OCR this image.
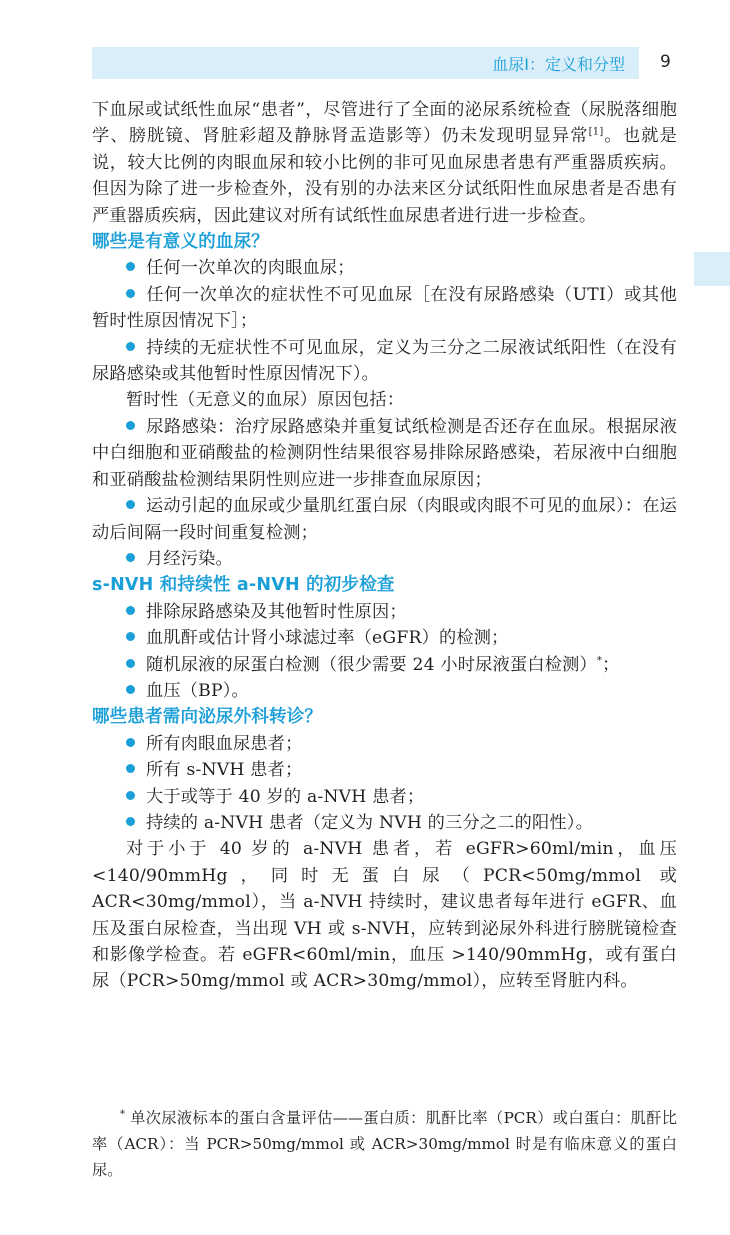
血尿Ⅰ：定义和分型 9

下血尿或试纸性血尿“患者”，尽管进行了全面的泌尿系统检查（尿脱落细胞学、膀胱镜、肾脏彩超及静脉肾盂造影等）仍未发现明显异常[1]。也就是说，较大比例的肉眼血尿和较小比例的非可见血尿患者患有严重器质疾病。但因为除了进一步检查外，没有别的办法来区分试纸阳性血尿患者是否患有严重器质疾病，因此建议对所有试纸性血尿患者进行进一步检查。

哪些是有意义的血尿？

任何一次单次的肉眼血尿；

任何一次单次的症状性不可见血尿［在没有尿路感染（UTI）或其他暂时性原因情况下］；

持续的无症状性不可见血尿，定义为三分之二尿液试纸阳性（在没有尿路感染或其他暂时性原因情况下）。

暂时性（无意义的血尿）原因包括：

尿路感染：治疗尿路感染并重复试纸检测是否还存在血尿。根据尿液中白细胞和亚硝酸盐的检测阴性结果很容易排除尿路感染，若尿液中白细胞和亚硝酸盐检测结果阴性则应进一步排查血尿原因；

运动引起的血尿或少量肌红蛋白尿（肉眼或肉眼不可见的血尿）：在运动后间隔一段时间重复检测；

月经污染。

s-NVH 和持续性 a-NVH 的初步检查

排除尿路感染及其他暂时性原因；

血肌酐或估计肾小球滤过率（eGFR）的检测；

随机尿液的尿蛋白检测（很少需要 24 小时尿液蛋白检测）*；

血压（BP）。

哪些患者需向泌尿外科转诊？

所有肉眼血尿患者；

所有 s-NVH 患者；

大于或等于 40 岁的 a-NVH 患者；

持续的 a-NVH 患者（定义为 NVH 的三分之二的阳性）。

对于小于 40 岁的 a-NVH 患者，若 eGFR>60ml/min，血压 <140/90mmHg，同时无蛋白尿（PCR<50mg/mmol 或 ACR<30mg/mmol），当 a-NVH 持续时，建议患者每年进行 eGFR、血压及蛋白尿检查，当出现 VH 或 s-NVH，应转到泌尿外科进行膀胱镜检查和影像学检查。若 eGFR<60ml/min，血压 >140/90mmHg，或有蛋白尿（PCR>50mg/mmol 或 ACR>30mg/mmol），应转至肾脏内科。

* 单次尿液标本的蛋白含量评估——蛋白质：肌酐比率（PCR）或白蛋白：肌酐比率（ACR）：当 PCR>50mg/mmol 或 ACR>30mg/mmol 时是有临床意义的蛋白尿。
